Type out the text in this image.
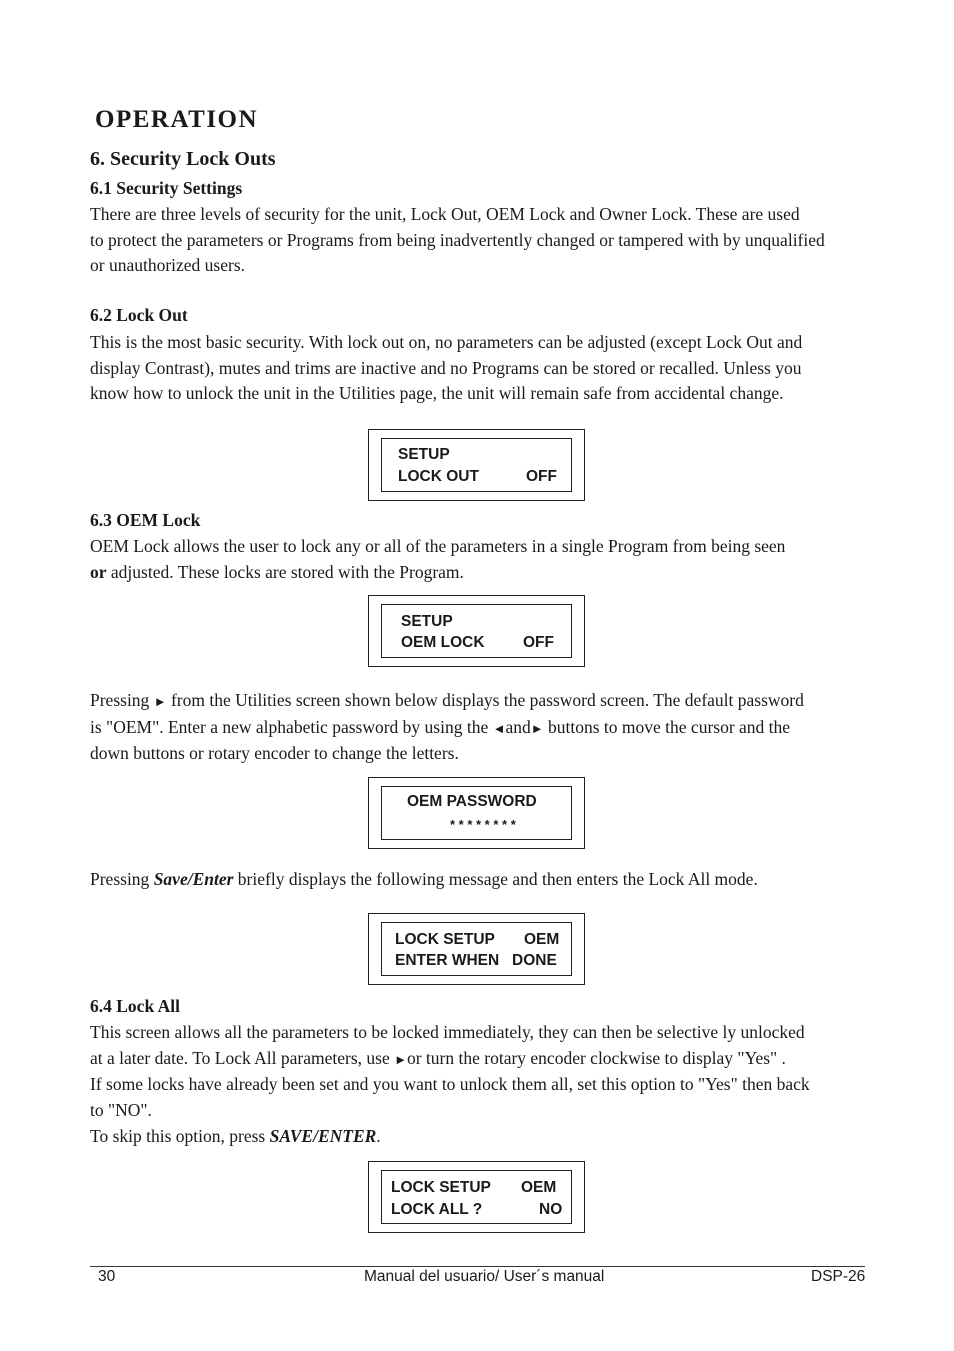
OPERATION
6. Security Lock Outs
6.1 Security Settings
There are three levels of security for the unit, Lock Out, OEM Lock and Owner Lock. These are used
to protect the parameters or Programs from being inadvertently changed or tampered with by unqualified
or unauthorized users.
6.2 Lock Out
This is the most basic security. With lock out on, no parameters can be adjusted (except Lock Out and
display Contrast), mutes and trims are inactive and no Programs can be stored or recalled. Unless you
know how to unlock the unit in the Utilities page, the unit will remain safe from accidental change.
SETUP
LOCK OUT	OFF
6.3 OEM Lock
OEM Lock allows the user to lock any or all of the parameters in a single Program from being seen
or adjusted. These locks are stored with the Program.
SETUP
OEM LOCK OFF
Pressing ► from the Utilities screen shown below displays the password screen. The default password
is "OEM". Enter a new alphabetic password by using the ◄and► buttons to move the cursor and the
down buttons or rotary encoder to change the letters.
OEM PASSWORD
* * * * * * * *
Pressing Save/Enter briefly displays the following message and then enters the Lock All mode.
LOCK SETUP OEM
ENTER WHEN DONE
6.4 Lock All
This screen allows all the parameters to be locked immediately, they can then be selective ly unlocked
at a later date. To Lock All parameters, use ►or turn the rotary encoder clockwise to display "Yes" .
If some locks have already been set and you want to unlock them all, set this option to "Yes" then back
to "NO".
To skip this option, press SAVE/ENTER.
LOCK SETUP OEM
LOCK ALL ?	NO
30	Manual del usuario/ User´s manual	DSP-26
